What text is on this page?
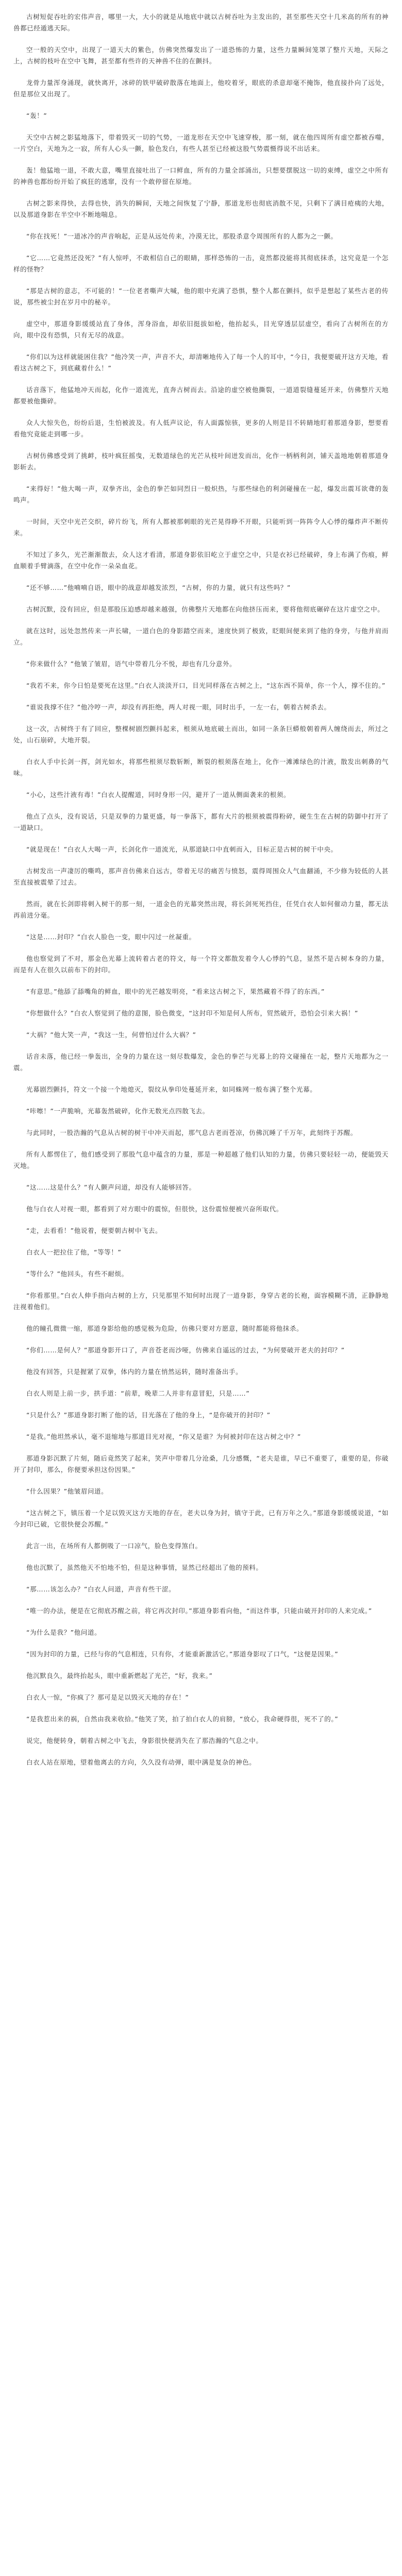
古树短促吞吐的宏伟声音，哪里一大，大小的就是从地底中就以古树吞吐为主发出的，甚至那些天空十几米高的所有的神兽都已经遁逃天际。

空一般的天空中，出现了一道天大的紫色，仿佛突然爆发出了一道恐怖的力量，这些力量瞬间笼罩了整片天地，天际之上，古树的枝叶在空中飞舞，甚至都有些许的天神兽不住的在颤抖。

龙骨力量浑身涌现，就快离开，冰碎的铁甲破碎散落在地面上，他咬着牙，眼底的杀意却毫不掩饰，他直接扑向了远处，但是那位又出现了。

“轰！”

天空中古树之影猛地落下，带着毁灭一切的气势，一道龙形在天空中飞速穿梭，那一刻，就在他四周所有虚空都被吞噬，一片空白，天地为之一寂，所有人心头一颤，脸色发白，有些人甚至已经被这股气势震慑得说不出话来。

轰！他猛地一退，不敢大意，嘴里直接吐出了一口鲜血，所有的力量全部涌出，只想要摆脱这一切的束缚，虚空之中所有的神兽也都纷纷开始了疯狂的逃窜，没有一个敢停留在原地。

古树之影来得快，去得也快，消失的瞬间，天地之间恢复了宁静，那道龙形也彻底消散不见，只剩下了满目疮痍的大地，以及那道身影在半空中不断地喘息。

“你在找死！”一道冰冷的声音响起，正是从远处传来，冷漠无比，那股杀意令周围所有的人都为之一颤。

“它……它竟然还没死？”有人惊呼，不敢相信自己的眼睛，那样恐怖的一击，竟然都没能将其彻底抹杀，这究竟是一个怎样的怪物？

“那是古树的意志，不可能的！”一位老者嘶声大喊，他的眼中充满了恐惧，整个人都在颤抖，似乎是想起了某些古老的传说，那些被尘封在岁月中的秘辛。

虚空中，那道身影缓缓站直了身体，浑身浴血，却依旧挺拔如枪，他抬起头，目光穿透层层虚空，看向了古树所在的方向，眼中没有恐惧，只有无尽的战意。

“你们以为这样就能困住我？”他冷笑一声，声音不大，却清晰地传入了每一个人的耳中，“今日，我便要破开这方天地，看看这古树之下，到底藏着什么！”

话音落下，他猛地冲天而起，化作一道流光，直奔古树而去。沿途的虚空被他撕裂，一道道裂缝蔓延开来，仿佛整片天地都要被他撕碎。

众人大惊失色，纷纷后退，生怕被波及。有人低声议论，有人面露惊骇，更多的人则是目不转睛地盯着那道身影，想要看看他究竟能走到哪一步。

古树仿佛感受到了挑衅，枝叶疯狂摇曳，无数道绿色的光芒从枝叶间迸发而出，化作一柄柄利剑，铺天盖地地朝着那道身影斩去。

“来得好！”他大喝一声，双拳齐出，金色的拳芒如同烈日一般炽热，与那些绿色的利剑碰撞在一起，爆发出震耳欲聋的轰鸣声。

一时间，天空中光芒交织，碎片纷飞，所有人都被那刺眼的光芒晃得睁不开眼，只能听到一阵阵令人心悸的爆炸声不断传来。

不知过了多久，光芒渐渐散去，众人这才看清，那道身影依旧屹立于虚空之中，只是衣衫已经破碎，身上布满了伤痕，鲜血顺着手臂滴落，在空中化作一朵朵血花。

“还不够……”他喃喃自语，眼中的战意却越发浓烈，“古树，你的力量，就只有这些吗？”

古树沉默，没有回应，但是那股压迫感却越来越强，仿佛整片天地都在向他挤压而来，要将他彻底碾碎在这片虚空之中。

就在这时，远处忽然传来一声长啸，一道白色的身影踏空而来，速度快到了极致，眨眼间便来到了他的身旁，与他并肩而立。

“你来做什么？”他皱了皱眉，语气中带着几分不悦，却也有几分意外。

“我若不来，你今日怕是要死在这里。”白衣人淡淡开口，目光同样落在古树之上，“这东西不简单，你一个人，撑不住的。”

“谁说我撑不住？”他冷哼一声，却没有再拒绝，两人对视一眼，同时出手，一左一右，朝着古树杀去。

这一次，古树终于有了回应，整棵树剧烈颤抖起来，根须从地底破土而出，如同一条条巨蟒般朝着两人缠绕而去，所过之处，山石崩碎，大地开裂。

白衣人手中长剑一挥，剑光如水，将那些根须尽数斩断，断裂的根须落在地上，化作一滩滩绿色的汁液，散发出刺鼻的气味。

“小心，这些汁液有毒！”白衣人提醒道，同时身形一闪，避开了一道从侧面袭来的根须。

他点了点头，没有说话，只是双拳的力量更盛，每一拳落下，都有大片的根须被震得粉碎，硬生生在古树的防御中打开了一道缺口。

“就是现在！”白衣人大喝一声，长剑化作一道流光，从那道缺口中直刺而入，目标正是古树的树干中央。

古树发出一声凄厉的嘶鸣，那声音仿佛来自远古，带着无尽的痛苦与愤怒，震得周围众人气血翻涌，不少修为较低的人甚至直接被震晕了过去。

然而，就在长剑即将刺入树干的那一刻，一道金色的光幕突然出现，将长剑死死挡住，任凭白衣人如何催动力量，都无法再前进分毫。

“这是……封印？”白衣人脸色一变，眼中闪过一丝凝重。

他也察觉到了不对，那金色光幕上流转着古老的符文，每一个符文都散发着令人心悸的气息，显然不是古树本身的力量，而是有人在很久以前布下的封印。

“有意思。”他舔了舔嘴角的鲜血，眼中的光芒越发明亮，“看来这古树之下，果然藏着不得了的东西。”

“你想做什么？”白衣人察觉到了他的意图，脸色微变，“这封印不知是何人所布，贸然破开，恐怕会引来大祸！”

“大祸？”他大笑一声，“我这一生，何曾怕过什么大祸？”

话音未落，他已经一拳轰出，全身的力量在这一刻尽数爆发，金色的拳芒与光幕上的符文碰撞在一起，整片天地都为之一震。

光幕剧烈颤抖，符文一个接一个地熄灭，裂纹从拳印处蔓延开来，如同蛛网一般布满了整个光幕。

“咔嚓！”一声脆响，光幕轰然破碎，化作无数光点四散飞去。

与此同时，一股浩瀚的气息从古树的树干中冲天而起，那气息古老而苍凉，仿佛沉睡了千万年，此刻终于苏醒。

所有人都愣住了，他们感受到了那股气息中蕴含的力量，那是一种超越了他们认知的力量，仿佛只要轻轻一动，便能毁天灭地。

“这……这是什么？”有人颤声问道，却没有人能够回答。

他与白衣人对视一眼，都看到了对方眼中的震惊，但很快，这份震惊便被兴奋所取代。

“走，去看看！”他说着，便要朝古树中飞去。

白衣人一把拉住了他，“等等！”

“等什么？”他回头，有些不耐烦。

“你看那里。”白衣人伸手指向古树的上方，只见那里不知何时出现了一道身影，身穿古老的长袍，面容模糊不清，正静静地注视着他们。

他的瞳孔微微一缩，那道身影给他的感觉极为危险，仿佛只要对方愿意，随时都能将他抹杀。

“你们……是何人？”那道身影开口了，声音苍老而沙哑，仿佛来自遥远的过去，“为何要破开老夫的封印？”

他没有回答，只是握紧了双拳，体内的力量在悄然运转，随时准备出手。

白衣人则是上前一步，拱手道：“前辈，晚辈二人并非有意冒犯，只是……”

“只是什么？”那道身影打断了他的话，目光落在了他的身上，“是你破开的封印？”

“是我。”他坦然承认，毫不退缩地与那道目光对视，“你又是谁？为何被封印在这古树之中？”

那道身影沉默了片刻，随后竟然笑了起来，笑声中带着几分沧桑，几分感慨，“老夫是谁，早已不重要了，重要的是，你破开了封印，那么，你便要承担这份因果。”

“什么因果？”他皱眉问道。

“这古树之下，镇压着一个足以毁灭这方天地的存在，老夫以身为封，镇守于此，已有万年之久。”那道身影缓缓说道，“如今封印已破，它很快便会苏醒。”

此言一出，在场所有人都倒吸了一口凉气，脸色变得煞白。

他也沉默了，虽然他天不怕地不怕，但是这种事情，显然已经超出了他的预料。

“那……该怎么办？”白衣人问道，声音有些干涩。

“唯一的办法，便是在它彻底苏醒之前，将它再次封印。”那道身影看向他，“而这件事，只能由破开封印的人来完成。”

“为什么是我？”他问道。

“因为封印的力量，已经与你的气息相连，只有你，才能重新激活它。”那道身影叹了口气，“这便是因果。”

他沉默良久，最终抬起头，眼中重新燃起了光芒，“好，我来。”

白衣人一惊，“你疯了？那可是足以毁灭天地的存在！”

“是我惹出来的祸，自然由我来收拾。”他笑了笑，拍了拍白衣人的肩膀，“放心，我命硬得很，死不了的。”

说完，他便转身，朝着古树之中飞去，身影很快便消失在了那浩瀚的气息之中。

白衣人站在原地，望着他离去的方向，久久没有动弹，眼中满是复杂的神色。
